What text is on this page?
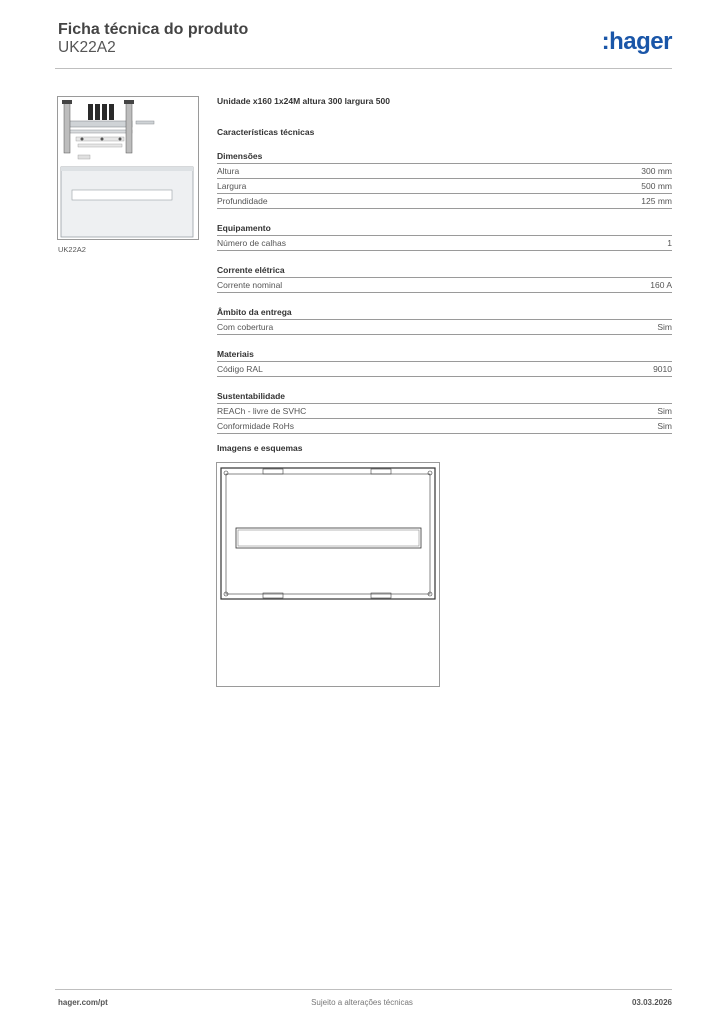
Ficha técnica do produto
UK22A2	:hager
UK22A2
Unidade x160 1x24M altura 300 largura 500
Características técnicas
Dimensões
Altura	300 mm
Largura	500 mm
Profundidade	125 mm
Equipamento
Número de calhas	1
Corrente elétrica
Corrente nominal	160 A
Âmbito da entrega
Com cobertura	Sim
Materiais
Código RAL	9010
Sustentabilidade
REACh - livre de SVHC	Sim
Conformidade RoHs	Sim
Imagens e esquemas
hager.com/pt	Sujeito a alterações técnicas	03.03.2026
